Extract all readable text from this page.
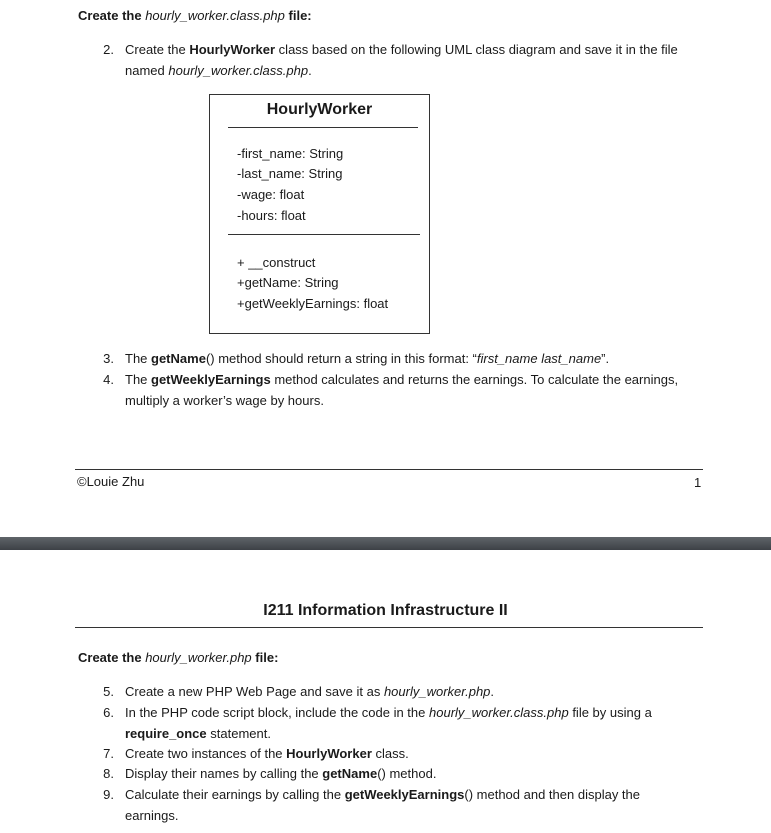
Create the hourly_worker.class.php file:
2. Create the HourlyWorker class based on the following UML class diagram and save it in the file
named hourly_worker.class.php.
HourlyWorker
-first_name: String
-last_name: String
-wage: float
-hours: float
+ __construct
+getName: String
+getWeeklyEarnings: float
3. The getName() method should return a string in this format: “first_name last_name”.
4. The getWeeklyEarnings method calculates and returns the earnings. To calculate the earnings,
multiply a worker’s wage by hours.
©Louie Zhu	1
I211 Information Infrastructure II
Create the hourly_worker.php file:
5. Create a new PHP Web Page and save it as hourly_worker.php.
6. In the PHP code script block, include the code in the hourly_worker.class.php file by using a
require_once statement.
7. Create two instances of the HourlyWorker class.
8. Display their names by calling the getName() method.
9. Calculate their earnings by calling the getWeeklyEarnings() method and then display the
earnings.
